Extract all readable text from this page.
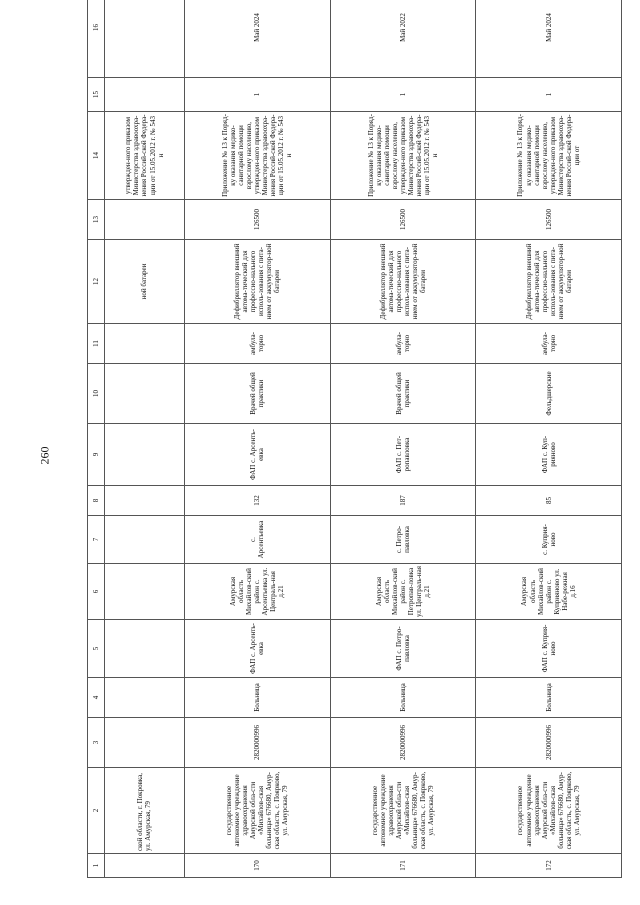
260
1	2	3	4	5	6	7	8	9	10	11	12	13	14	15	16
	ской области, г. Покровка, ул. Амурская, 79										ной батареи		утвержден-ного приказом Министерства здравоохра-нения Россий-ской Федера-ции от 15.05.2012 г. № 543 н		
170	государственное автономное учреждение здравоохранения Амурской обла-сти «Михайлов-ская больница» 676680, Амур-ская область, с. Поярково, ул. Амурская, 79	2820000996	Больница	ФАП с. Арсенть-евка	Амурская область Михайлов-ский район с. Арсентьевка ул. Централь-ная д.21	с. Арсентьевка	132	ФАП с. Арсенть-евка	Врачей общей практики	амбула-торно	Дефибриллятор внешний автома-тический для профессио-нального исполь-зования с пита-нием от аккумулятор-ной батареи	126500	Приложение № 13 к Поряд-ку оказания медико-санитарной помощи взрослому населению, утвержден-ного приказом Министерства здравоохра-нения Россий-ской Федера-ции от 15.05.2012 г. № 543 н	1	Май 2024
171	государственное автономное учреждение здравоохранения Амурской обла-сти «Михайлов-ская больница» 676680, Амур-ская область, с. Поярково, ул. Амурская, 79	2820000996	Больница	ФАП с. Петро-павловка	Амурская область Михайлов-ский район с. Петропав-ловка ул. Централь-ная д.21	с. Петро-павловка	187	ФАП с. Пет-ропавловка	Врачей общей практики	амбула-торно	Дефибриллятор внешний автома-тический для профессио-нального исполь-зования с пита-нием от аккумулятор-ной батареи	126500	Приложение № 13 к Поряд-ку оказания медико-санитарной помощи взрослому населению, утвержден-ного приказом Министерства здравоохра-нения Россий-ской Федера-ции от 15.05.2012 г. № 543 н	1	Май 2022
172	государственное автономное учреждение здравоохранения Амурской обла-сти «Михайлов-ская больница» 676680, Амур-ская область, с. Поярково, ул. Амурская, 79	2820000996	Больница	ФАП с. Куприя-ново	Амурская область Михайлов-ский район с. Куприяново ул. Набе-режная д.16	с. Куприя-ново	85	ФАП с. Куп-рияново	Фельдшерские	амбула-торно	Дефибриллятор внешний автома-тический для профессио-нального исполь-зования с пита-нием от аккумулятор-ной батареи	126500	Приложение № 13 к Поряд-ку оказания медико-санитарной помощи взрослому населению, утвержден-ного приказом Министерства здравоохра-нения Россий-ской Федера-ции от	1	Май 2024
